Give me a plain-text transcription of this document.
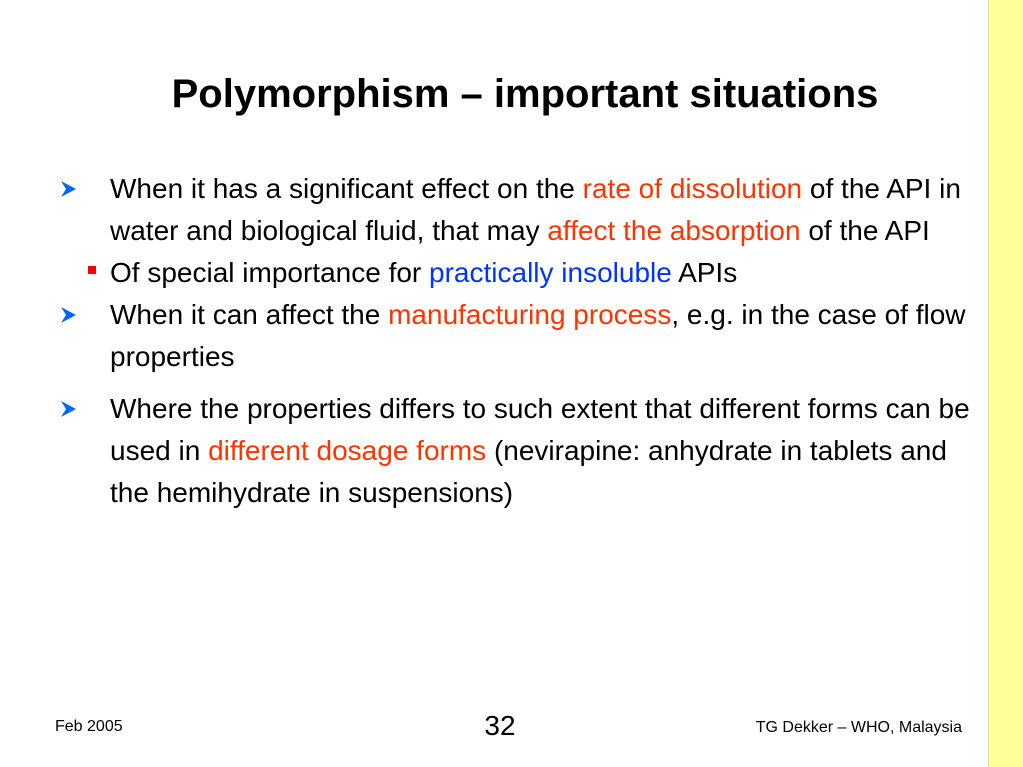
Polymorphism – important situations
When it has a significant effect on the rate of dissolution of the API in water and biological fluid, that may affect the absorption of the API
Of special importance for practically insoluble APIs
When it can affect the manufacturing process, e.g. in the case of flow properties
Where the properties differs to such extent that different forms can be used in different dosage forms (nevirapine: anhydrate in tablets and the hemihydrate in suspensions)
Feb 2005	32	TG Dekker – WHO, Malaysia
